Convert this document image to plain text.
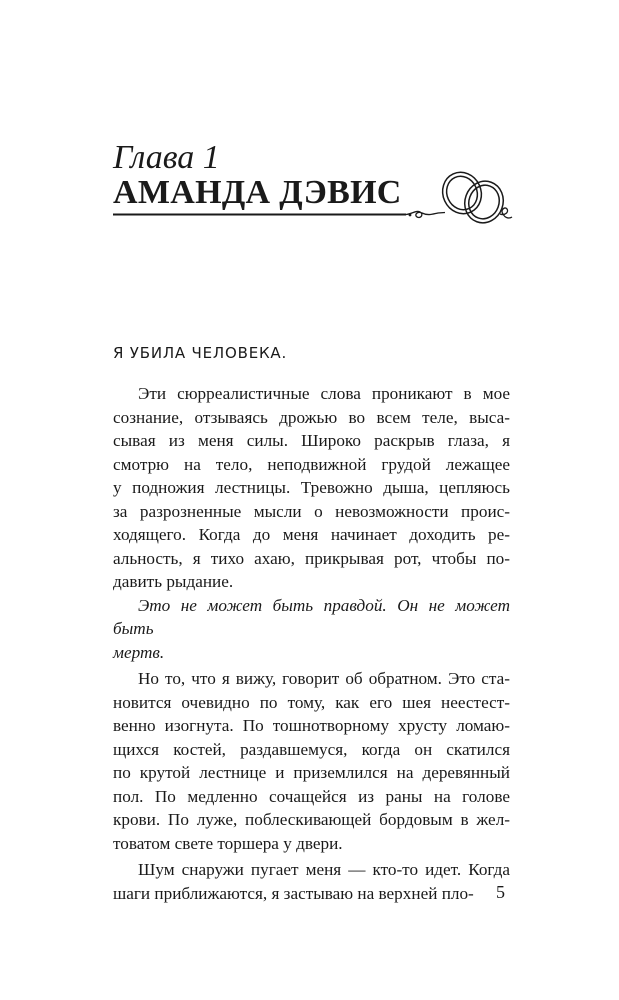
Глава 1
АМАНДА ДЭВИС
Я УБИЛА ЧЕЛОВЕКА.

Эти сюрреалистичные слова проникают в мое
сознание, отзываясь дрожью во всем теле, выса-
сывая из меня силы. Широко раскрыв глаза, я
смотрю на тело, неподвижной грудой лежащее
у подножия лестницы. Тревожно дыша, цепляюсь
за разрозненные мысли о невозможности проис-
ходящего. Когда до меня начинает доходить ре-
альность, я тихо ахаю, прикрывая рот, чтобы по-
давить рыдание.

Это не может быть правдой. Он не может быть
мертв.

Но то, что я вижу, говорит об обратном. Это ста-
новится очевидно по тому, как его шея неестест-
венно изогнута. По тошнотворному хрусту ломаю-
щихся костей, раздавшемуся, когда он скатился
по крутой лестнице и приземлился на деревянный
пол. По медленно сочащейся из раны на голове
крови. По луже, поблескивающей бордовым в жел-
товатом свете торшера у двери.

Шум снаружи пугает меня — кто-то идет. Когда
шаги приближаются, я застываю на верхней пло-	5
